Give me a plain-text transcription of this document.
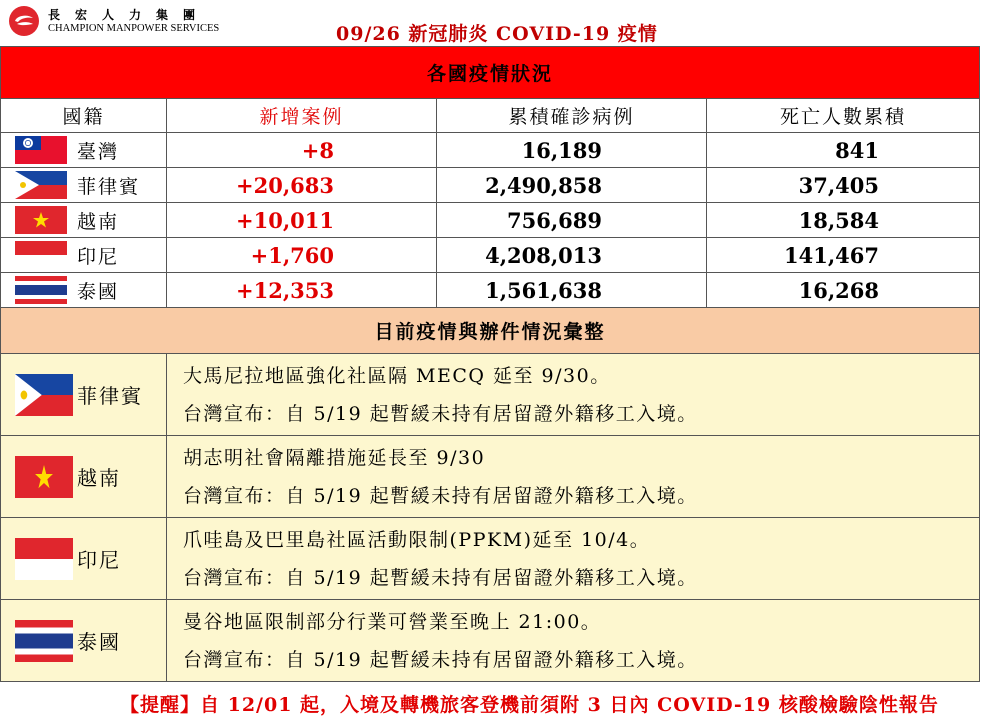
長宏人力集團
CHAMPION MANPOWER SERVICES	09/26 新冠肺炎 COVID-19 疫情
各國疫情狀況
國籍	新增案例	累積確診病例	死亡人數累積
臺灣	+8	16,189	841
菲律賓	+20,683	2,490,858	37,405
越南	+10,011	756,689	18,584
印尼	+1,760	4,208,013	141,467
泰國	+12,353	1,561,638	16,268
目前疫情與辦件情況彙整
菲律賓
大馬尼拉地區強化社區隔 MECQ 延至 9/30。
台灣宣布：自 5/19 起暫緩未持有居留證外籍移工入境。
越南
胡志明社會隔離措施延長至 9/30
台灣宣布：自 5/19 起暫緩未持有居留證外籍移工入境。
印尼
爪哇島及巴里島社區活動限制(PPKM)延至 10/4。
台灣宣布：自 5/19 起暫緩未持有居留證外籍移工入境。
泰國
曼谷地區限制部分行業可營業至晚上 21:00。
台灣宣布：自 5/19 起暫緩未持有居留證外籍移工入境。
【提醒】自 12/01 起，入境及轉機旅客登機前須附 3 日內 COVID-19 核酸檢驗陰性報告
